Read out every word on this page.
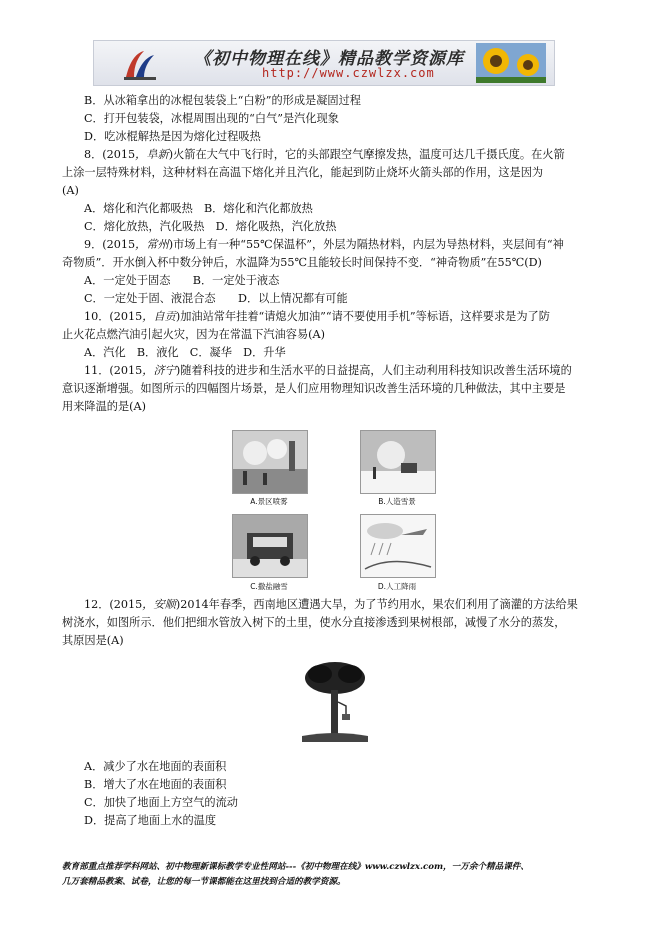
《初中物理在线》精品教学资源库
http://www.czwlzx.com
B．从冰箱拿出的冰棍包装袋上“白粉”的形成是凝固过程
C．打开包装袋，冰棍周围出现的“白气”是汽化现象
D．吃冰棍解热是因为熔化过程吸热
8．(2015，阜新)火箭在大气中飞行时，它的头部跟空气摩擦发热，温度可达几千摄氏度。在火箭
上涂一层特殊材料，这种材料在高温下熔化并且汽化，能起到防止烧坏火箭头部的作用，这是因为
(A)
A．熔化和汽化都吸热　B．熔化和汽化都放热
C．熔化放热，汽化吸热　D．熔化吸热，汽化放热
9．(2015，常州)市场上有一种“55℃保温杯”，外层为隔热材料，内层为导热材料，夹层间有“神
奇物质”．开水倒入杯中数分钟后，水温降为55℃且能较长时间保持不变．“神奇物质”在55℃(D)
A．一定处于固态　　B．一定处于液态
C．一定处于固、液混合态　　D．以上情况都有可能
10．(2015，自贡)加油站常年挂着“请熄火加油”“请不要使用手机”等标语，这样要求是为了防
止火花点燃汽油引起火灾，因为在常温下汽油容易(A)
A．汽化　B．液化　C．凝华　D．升华
11．(2015，济宁)随着科技的进步和生活水平的日益提高，人们主动利用科技知识改善生活环境的
意识逐渐增强。如图所示的四幅图片场景，是人们应用物理知识改善生活环境的几种做法，其中主要是
用来降温的是(A)
A.景区喷雾	B.人造雪景
C.撒盐融雪	D.人工降雨
12．(2015，安顺)2014年春季，西南地区遭遇大旱，为了节约用水，果农们利用了滴灌的方法给果
树浇水，如图所示．他们把细水管放入树下的土里，使水分直接渗透到果树根部，减慢了水分的蒸发，
其原因是(A)
A．减少了水在地面的表面积
B．增大了水在地面的表面积
C．加快了地面上方空气的流动
D．提高了地面上水的温度
教育部重点推荐学科网站、初中物理新课标教学专业性网站---《初中物理在线》www.czwlzx.com，一万余个精品课件、
几万套精品教案、试卷，让您的每一节课都能在这里找到合适的教学资源。
